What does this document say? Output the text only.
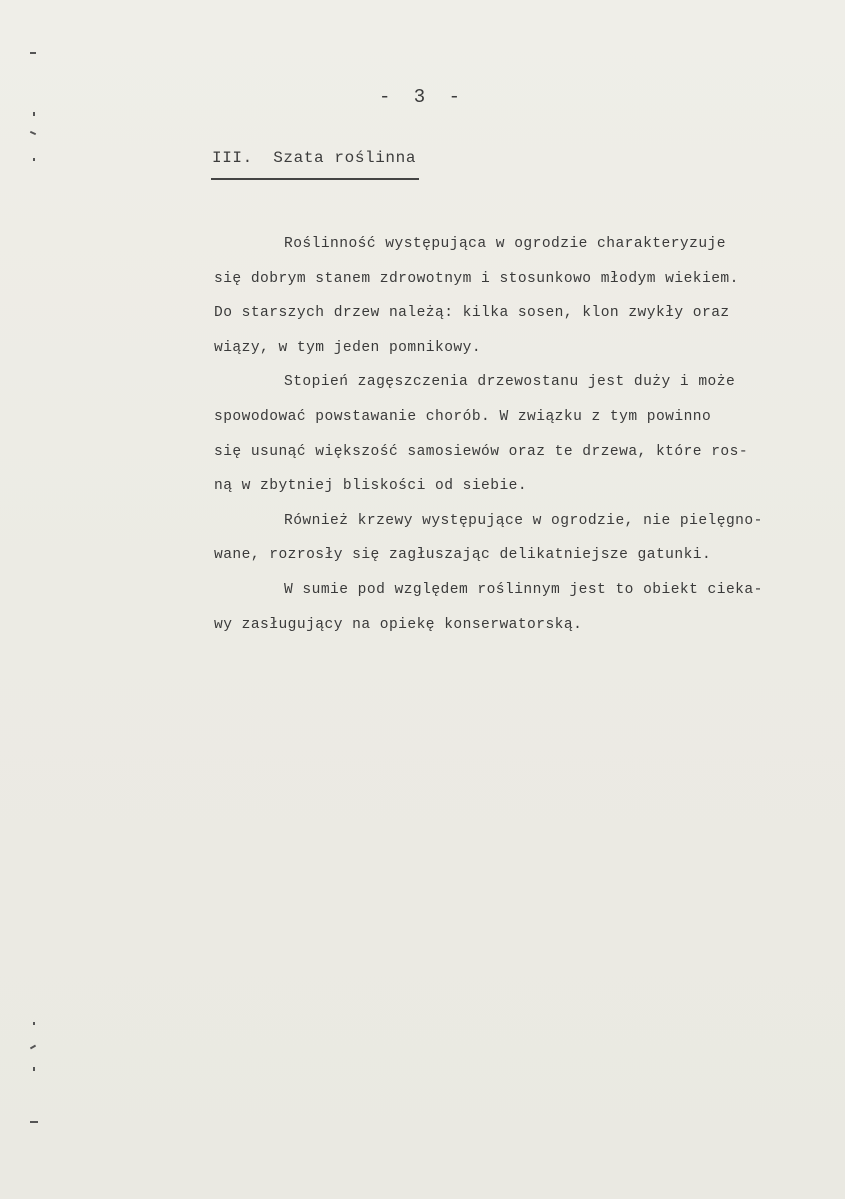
- 3 -
III.  Szata roślinna
Roślinność występująca w ogrodzie charakteryzuje
się dobrym stanem zdrowotnym i stosunkowo młodym wiekiem.
Do starszych drzew należą: kilka sosen, klon zwykły oraz
wiązy, w tym jeden pomnikowy.
Stopień zagęszczenia drzewostanu jest duży i może
spowodować powstawanie chorób. W związku z tym powinno
się usunąć większość samosiewów oraz te drzewa, które ros-
ną w zbytniej bliskości od siebie.
Również krzewy występujące w ogrodzie, nie pielęgno-
wane, rozrosły się zagłuszając delikatniejsze gatunki.
W sumie pod względem roślinnym jest to obiekt cieka-
wy zasługujący na opiekę konserwatorską.
